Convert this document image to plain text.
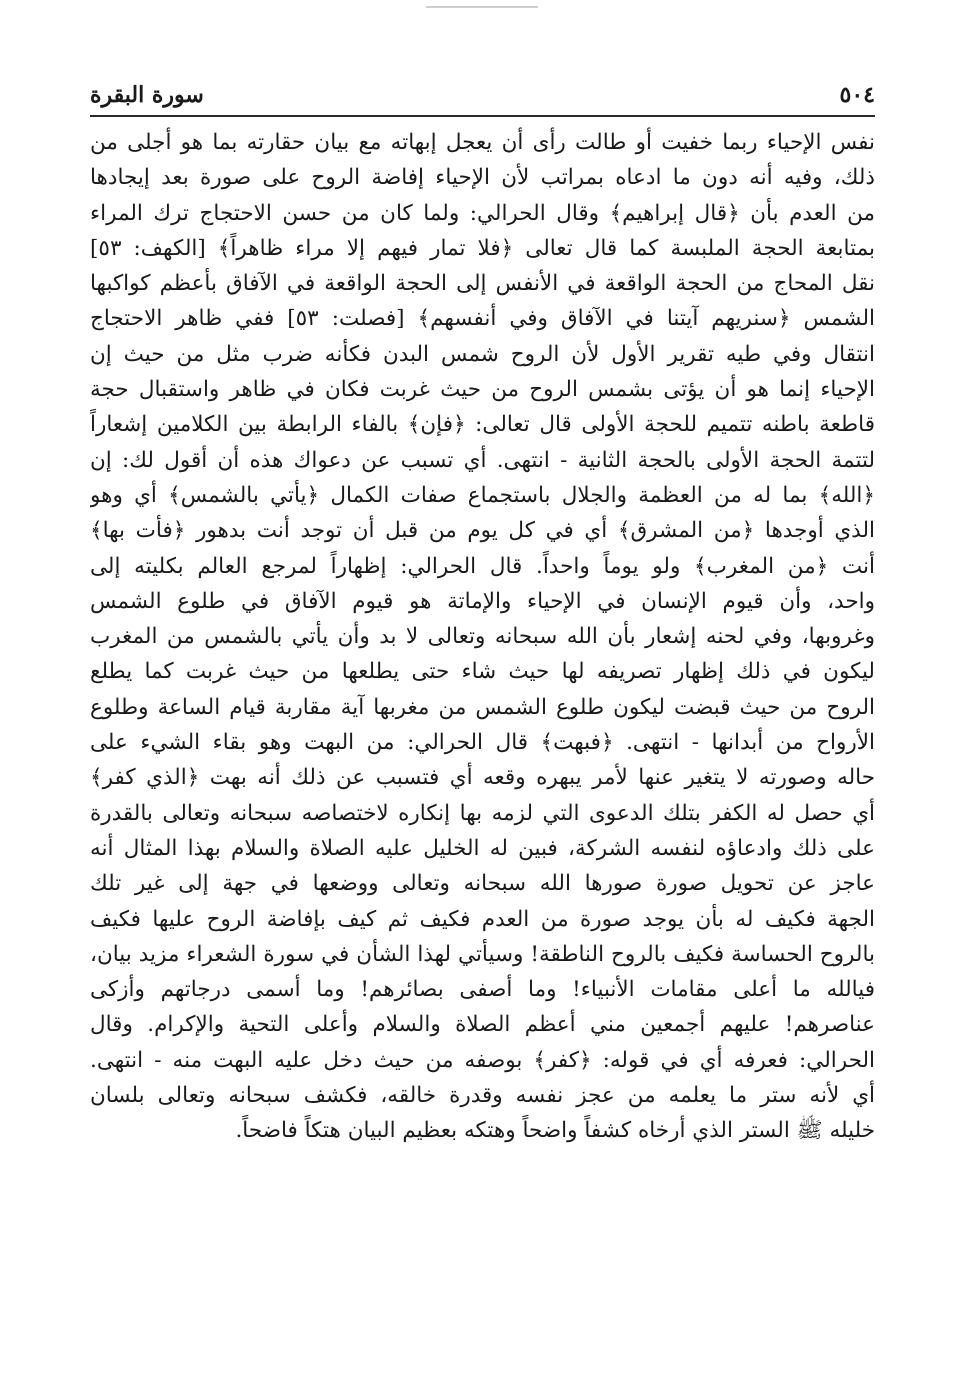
سورة البقرة	٥٠٤
نفس الإحياء ربما خفيت أو طالت رأى أن يعجل إبهاته مع بيان حقارته بما هو أجلى من
ذلك، وفيه أنه دون ما ادعاه بمراتب لأن الإحياء إفاضة الروح على صورة بعد إيجادها
من العدم بأن ﴿قال إبراهيم﴾ وقال الحرالي: ولما كان من حسن الاحتجاج ترك المراء
بمتابعة الحجة الملبسة كما قال تعالى ﴿فلا تمار فيهم إلا مراء ظاهراً﴾ [الكهف: ٥٣]
نقل المحاج من الحجة الواقعة في الأنفس إلى الحجة الواقعة في الآفاق بأعظم كواكبها
الشمس ﴿سنريهم آيتنا في الآفاق وفي أنفسهم﴾ [فصلت: ٥٣] ففي ظاهر الاحتجاج
انتقال وفي طيه تقرير الأول لأن الروح شمس البدن فكأنه ضرب مثل من حيث إن
الإحياء إنما هو أن يؤتى بشمس الروح من حيث غربت فكان في ظاهر واستقبال حجة
قاطعة باطنه تتميم للحجة الأولى قال تعالى: ﴿فإن﴾ بالفاء الرابطة بين الكلامين إشعاراً
لتتمة الحجة الأولى بالحجة الثانية - انتهى. أي تسبب عن دعواك هذه أن أقول لك: إن
﴿الله﴾ بما له من العظمة والجلال باستجماع صفات الكمال ﴿يأتي بالشمس﴾ أي وهو
الذي أوجدها ﴿من المشرق﴾ أي في كل يوم من قبل أن توجد أنت بدهور ﴿فأت بها﴾
أنت ﴿من المغرب﴾ ولو يوماً واحداً. قال الحرالي: إظهاراً لمرجع العالم بكليته إلى
واحد، وأن قيوم الإنسان في الإحياء والإماتة هو قيوم الآفاق في طلوع الشمس
وغروبها، وفي لحنه إشعار بأن الله سبحانه وتعالى لا بد وأن يأتي بالشمس من المغرب
ليكون في ذلك إظهار تصريفه لها حيث شاء حتى يطلعها من حيث غربت كما يطلع
الروح من حيث قبضت ليكون طلوع الشمس من مغربها آية مقاربة قيام الساعة وطلوع
الأرواح من أبدانها - انتهى. ﴿فبهت﴾ قال الحرالي: من البهت وهو بقاء الشيء على
حاله وصورته لا يتغير عنها لأمر يبهره وقعه أي فتسبب عن ذلك أنه بهت ﴿الذي كفر﴾
أي حصل له الكفر بتلك الدعوى التي لزمه بها إنكاره لاختصاصه سبحانه وتعالى بالقدرة
على ذلك وادعاؤه لنفسه الشركة، فبين له الخليل عليه الصلاة والسلام بهذا المثال أنه
عاجز عن تحويل صورة صورها الله سبحانه وتعالى ووضعها في جهة إلى غير تلك
الجهة فكيف له بأن يوجد صورة من العدم فكيف ثم كيف بإفاضة الروح عليها فكيف
بالروح الحساسة فكيف بالروح الناطقة! وسيأتي لهذا الشأن في سورة الشعراء مزيد بيان،
فيالله ما أعلى مقامات الأنبياء! وما أصفى بصائرهم! وما أسمى درجاتهم وأزكى
عناصرهم! عليهم أجمعين مني أعظم الصلاة والسلام وأعلى التحية والإكرام. وقال
الحرالي: فعرفه أي في قوله: ﴿كفر﴾ بوصفه من حيث دخل عليه البهت منه - انتهى.
أي لأنه ستر ما يعلمه من عجز نفسه وقدرة خالقه، فكشف سبحانه وتعالى بلسان
خليله ﷺ الستر الذي أرخاه كشفاً واضحاً وهتكه بعظيم البيان هتكاً فاضحاً.
